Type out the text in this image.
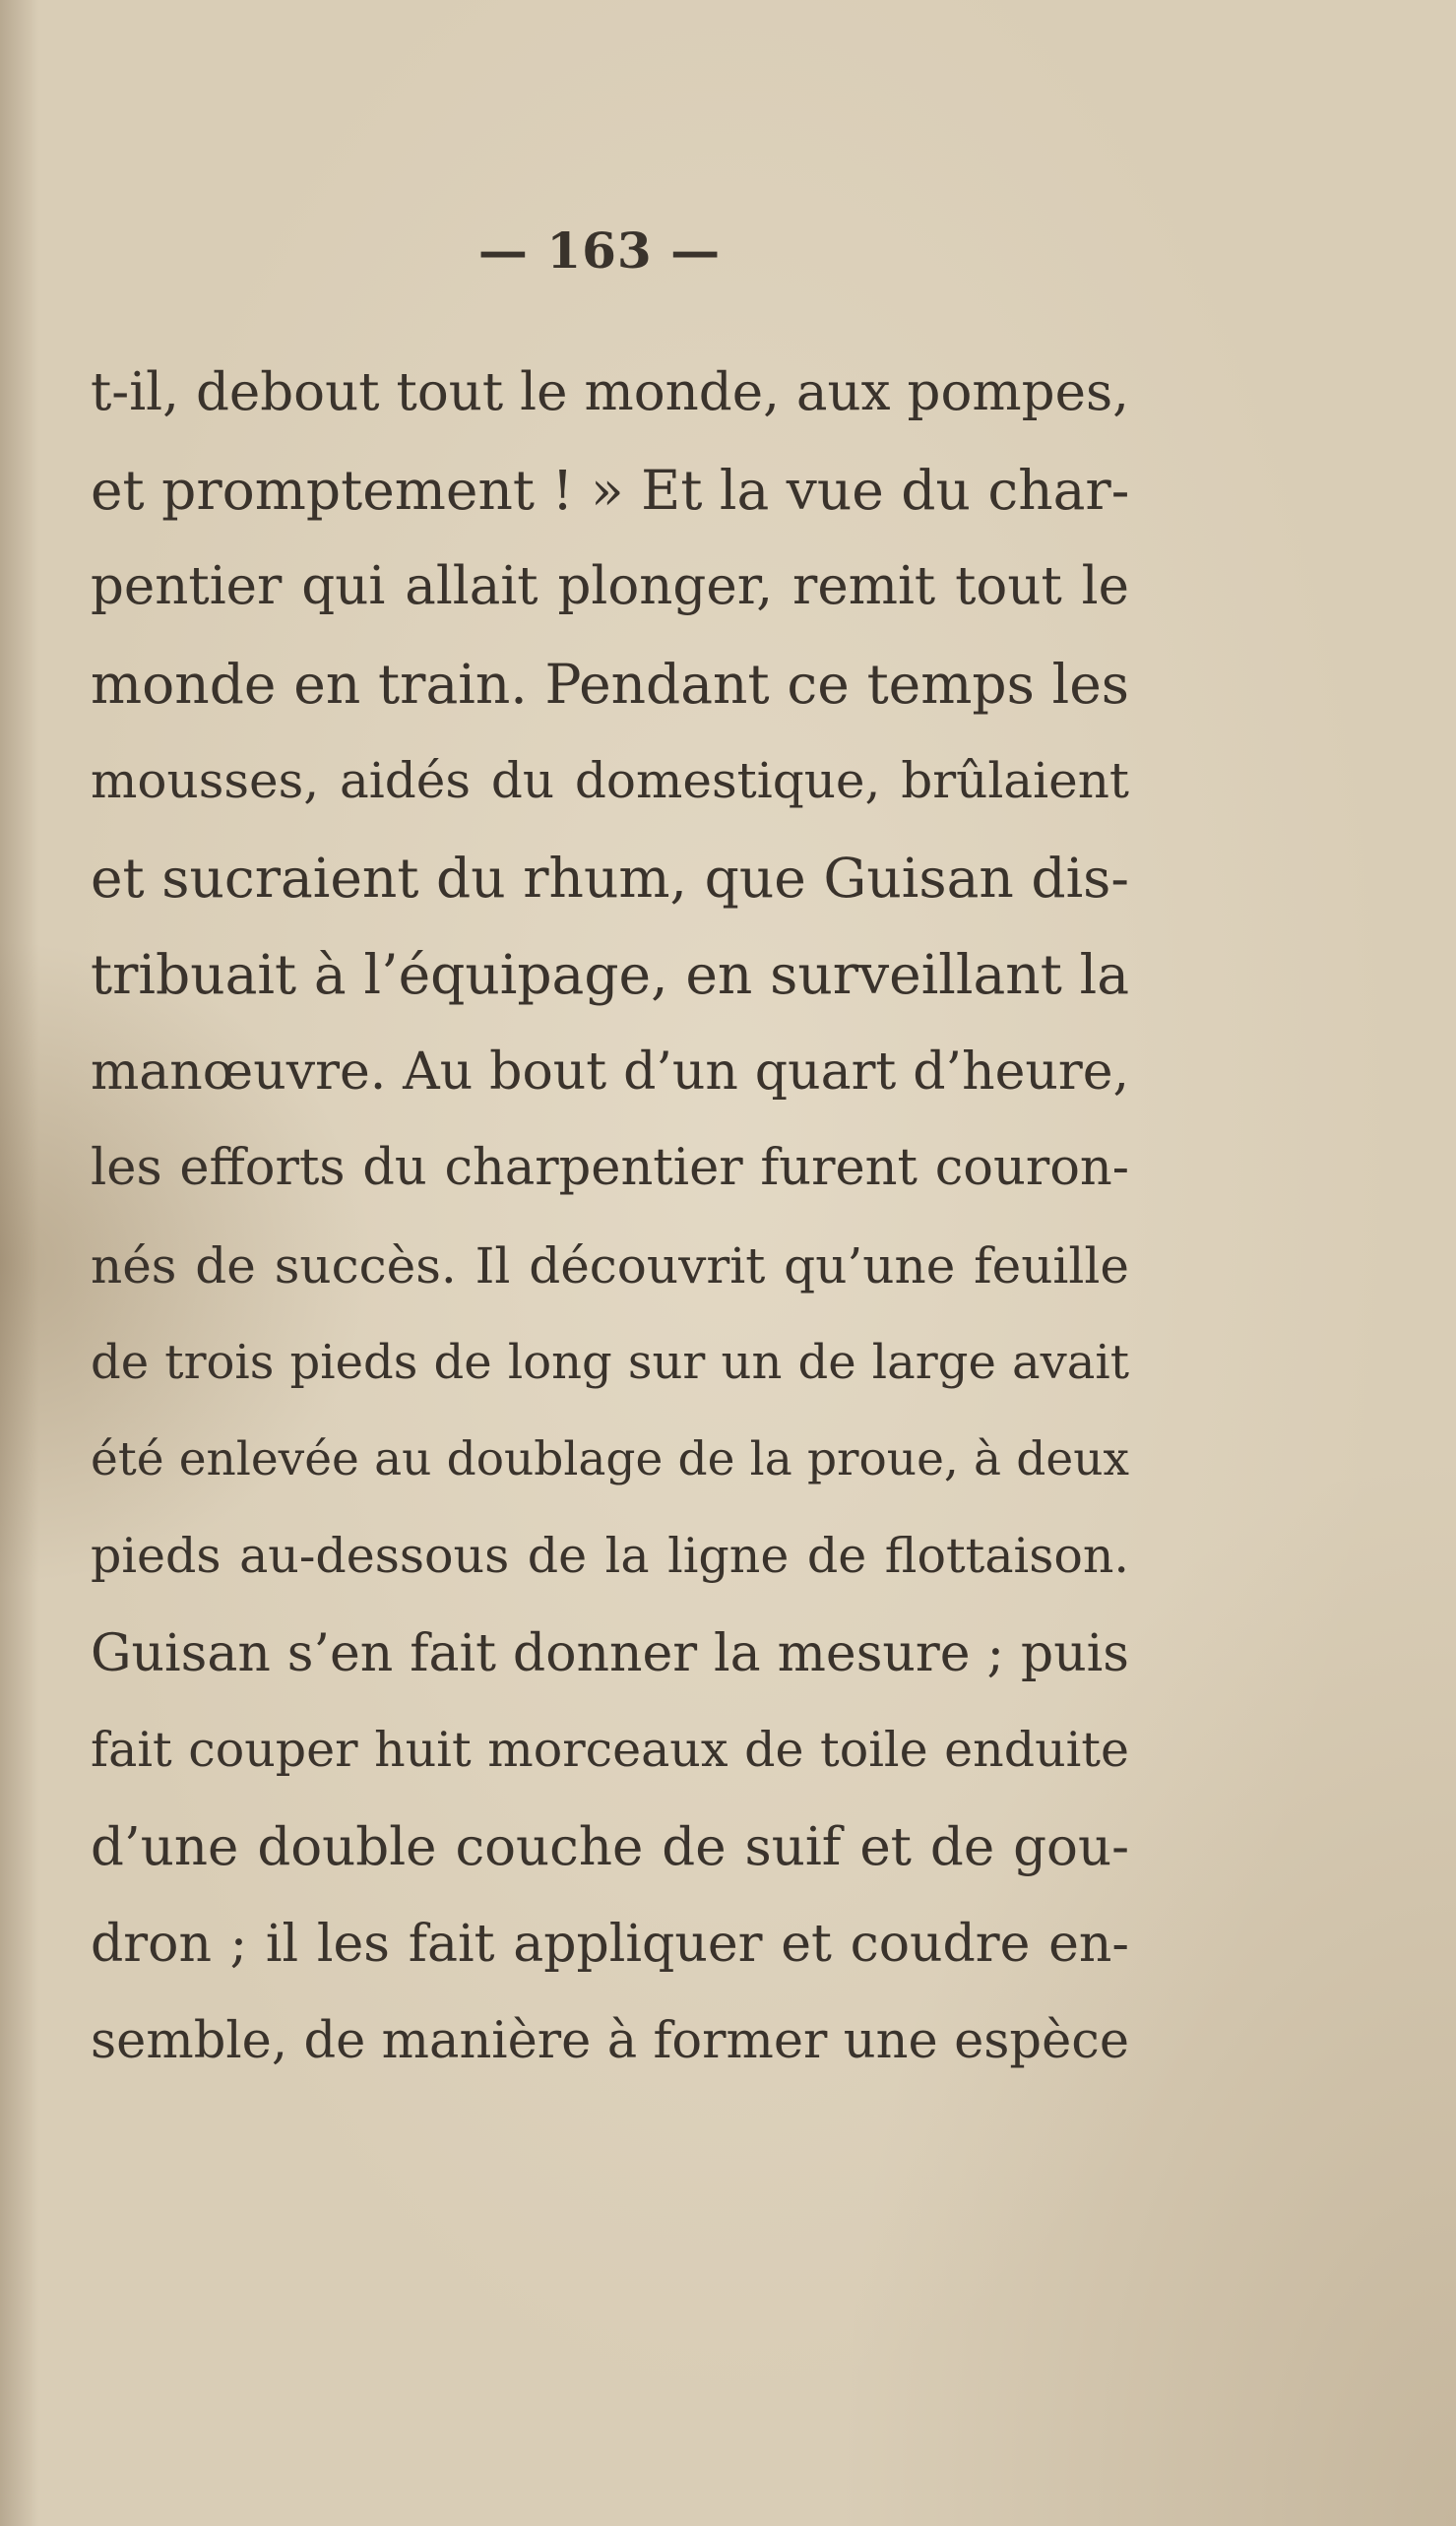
— 163 —
t-il, debout tout le monde, aux pompes,
et promptement ! » Et la vue du char-
pentier qui allait plonger, remit tout le
monde en train. Pendant ce temps les
mousses, aidés du domestique, brûlaient
et sucraient du rhum, que Guisan dis-
tribuait à l’équipage, en surveillant la
manœuvre. Au bout d’un quart d’heure,
les efforts du charpentier furent couron-
nés de succès. Il découvrit qu’une feuille
de trois pieds de long sur un de large avait
été enlevée au doublage de la proue, à deux
pieds au-dessous de la ligne de flottaison.
Guisan s’en fait donner la mesure ; puis
fait couper huit morceaux de toile enduite
d’une double couche de suif et de gou-
dron ; il les fait appliquer et coudre en-
semble, de manière à former une espèce
